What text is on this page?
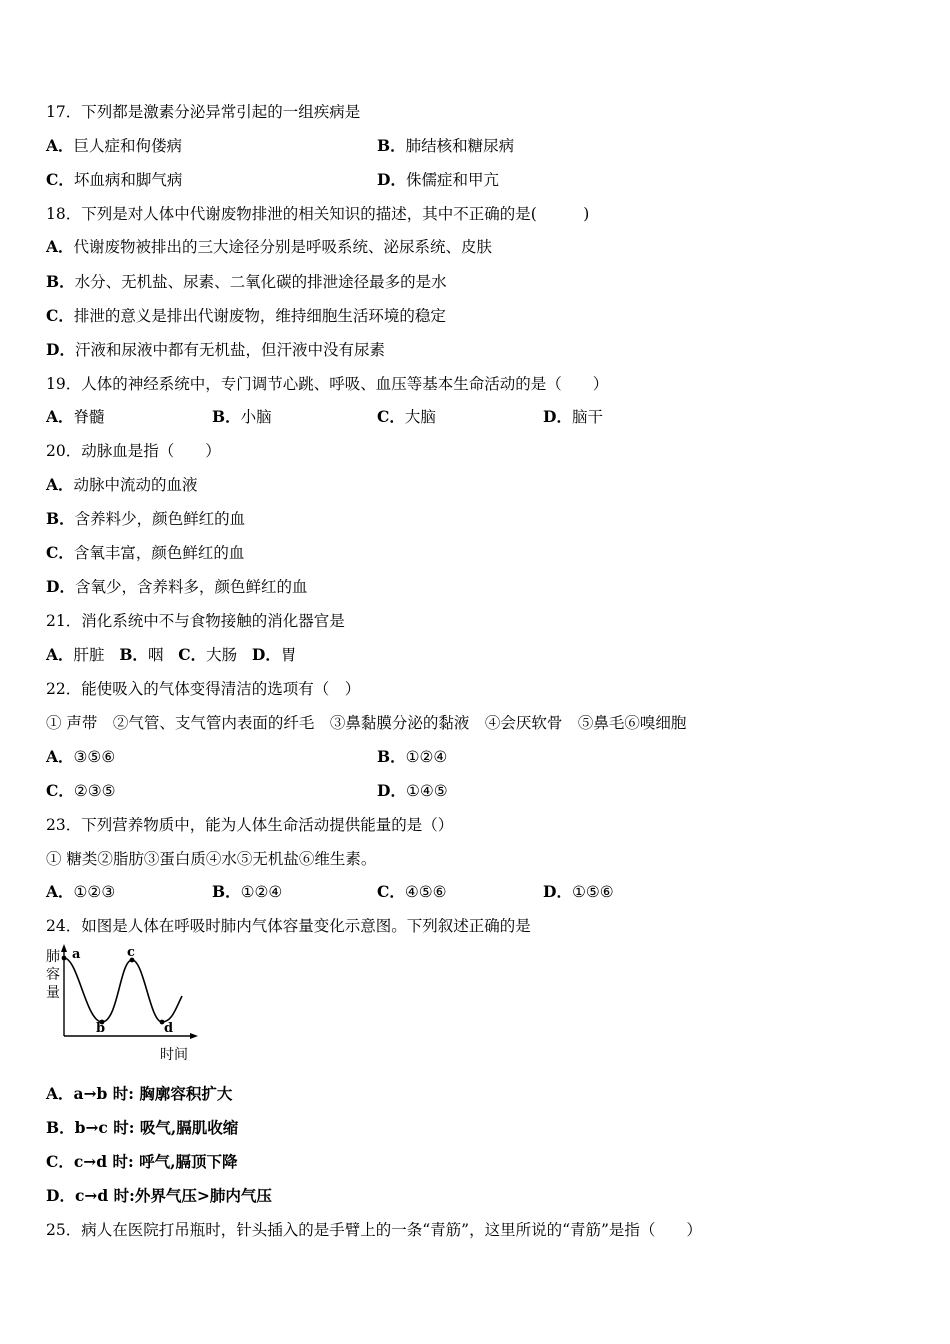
17．下列都是激素分泌异常引起的一组疾病是
A．巨人症和佝偻病	B．肺结核和糖尿病
C．坏血病和脚气病	D．侏儒症和甲亢
18．下列是对人体中代谢废物排泄的相关知识的描述，其中不正确的是(　　　)
A．代谢废物被排出的三大途径分别是呼吸系统、泌尿系统、皮肤
B．水分、无机盐、尿素、二氧化碳的排泄途径最多的是水
C．排泄的意义是排出代谢废物，维持细胞生活环境的稳定
D．汗液和尿液中都有无机盐，但汗液中没有尿素
19．人体的神经系统中，专门调节心跳、呼吸、血压等基本生命活动的是（　　）
A．脊髓	B．小脑	C．大脑	D．脑干
20．动脉血是指（　　）
A．动脉中流动的血液
B．含养料少，颜色鲜红的血
C．含氧丰富，颜色鲜红的血
D．含氧少，含养料多，颜色鲜红的血
21．消化系统中不与食物接触的消化器官是
A．肝脏 B．咽 C．大肠 D．胃
22．能使吸入的气体变得清洁的选项有（　）
① 声带　②气管、支气管内表面的纤毛　③鼻黏膜分泌的黏液　④会厌软骨　⑤鼻毛⑥嗅细胞
A．③⑤⑥	B．①②④
C．②③⑤	D．①④⑤
23．下列营养物质中，能为人体生命活动提供能量的是（）
① 糖类②脂肪③蛋白质④水⑤无机盐⑥维生素。
A．①②③	B．①②④	C．④⑤⑥	D．①⑤⑥
24．如图是人体在呼吸时肺内气体容量变化示意图。下列叙述正确的是
肺
容
量
a
b
c
d
时间
A．a→b 时: 胸廓容积扩大
B．b→c 时: 吸气,膈肌收缩
C．c→d 时: 呼气,膈顶下降
D．c→d 时:外界气压>肺内气压
25．病人在医院打吊瓶时，针头插入的是手臂上的一条“青筋”，这里所说的“青筋”是指（　　）
